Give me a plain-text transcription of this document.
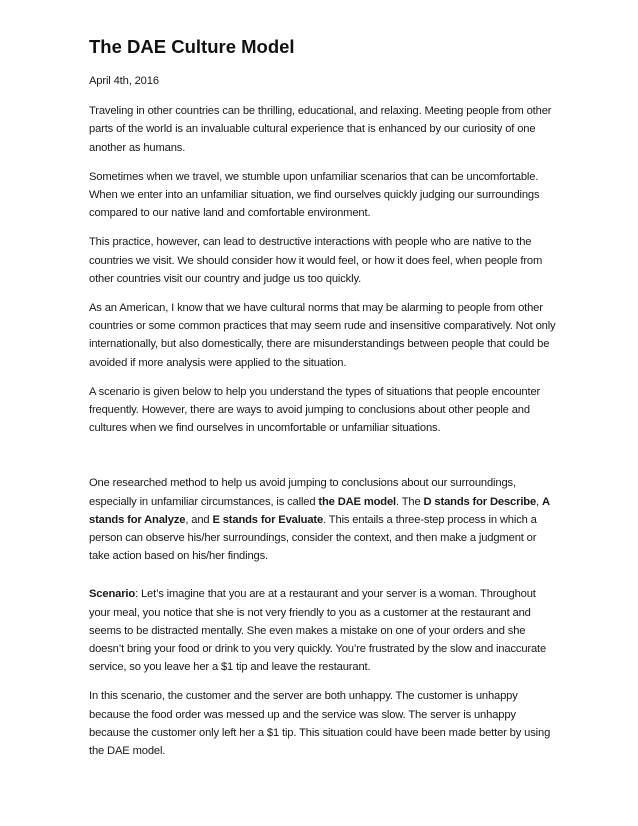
The DAE Culture Model

April 4th, 2016

Traveling in other countries can be thrilling, educational, and relaxing. Meeting people from other parts of the world is an invaluable cultural experience that is enhanced by our curiosity of one another as humans.

Sometimes when we travel, we stumble upon unfamiliar scenarios that can be uncomfortable. When we enter into an unfamiliar situation, we find ourselves quickly judging our surroundings compared to our native land and comfortable environment.

This practice, however, can lead to destructive interactions with people who are native to the countries we visit. We should consider how it would feel, or how it does feel, when people from other countries visit our country and judge us too quickly.

As an American, I know that we have cultural norms that may be alarming to people from other countries or some common practices that may seem rude and insensitive comparatively. Not only internationally, but also domestically, there are misunderstandings between people that could be avoided if more analysis were applied to the situation.

A scenario is given below to help you understand the types of situations that people encounter frequently. However, there are ways to avoid jumping to conclusions about other people and cultures when we find ourselves in uncomfortable or unfamiliar situations.

One researched method to help us avoid jumping to conclusions about our surroundings, especially in unfamiliar circumstances, is called the DAE model. The D stands for Describe, A stands for Analyze, and E stands for Evaluate. This entails a three-step process in which a person can observe his/her surroundings, consider the context, and then make a judgment or take action based on his/her findings.

Scenario: Let’s imagine that you are at a restaurant and your server is a woman. Throughout your meal, you notice that she is not very friendly to you as a customer at the restaurant and seems to be distracted mentally. She even makes a mistake on one of your orders and she doesn’t bring your food or drink to you very quickly. You’re frustrated by the slow and inaccurate service, so you leave her a $1 tip and leave the restaurant.

In this scenario, the customer and the server are both unhappy. The customer is unhappy because the food order was messed up and the service was slow. The server is unhappy because the customer only left her a $1 tip. This situation could have been made better by using the DAE model.
